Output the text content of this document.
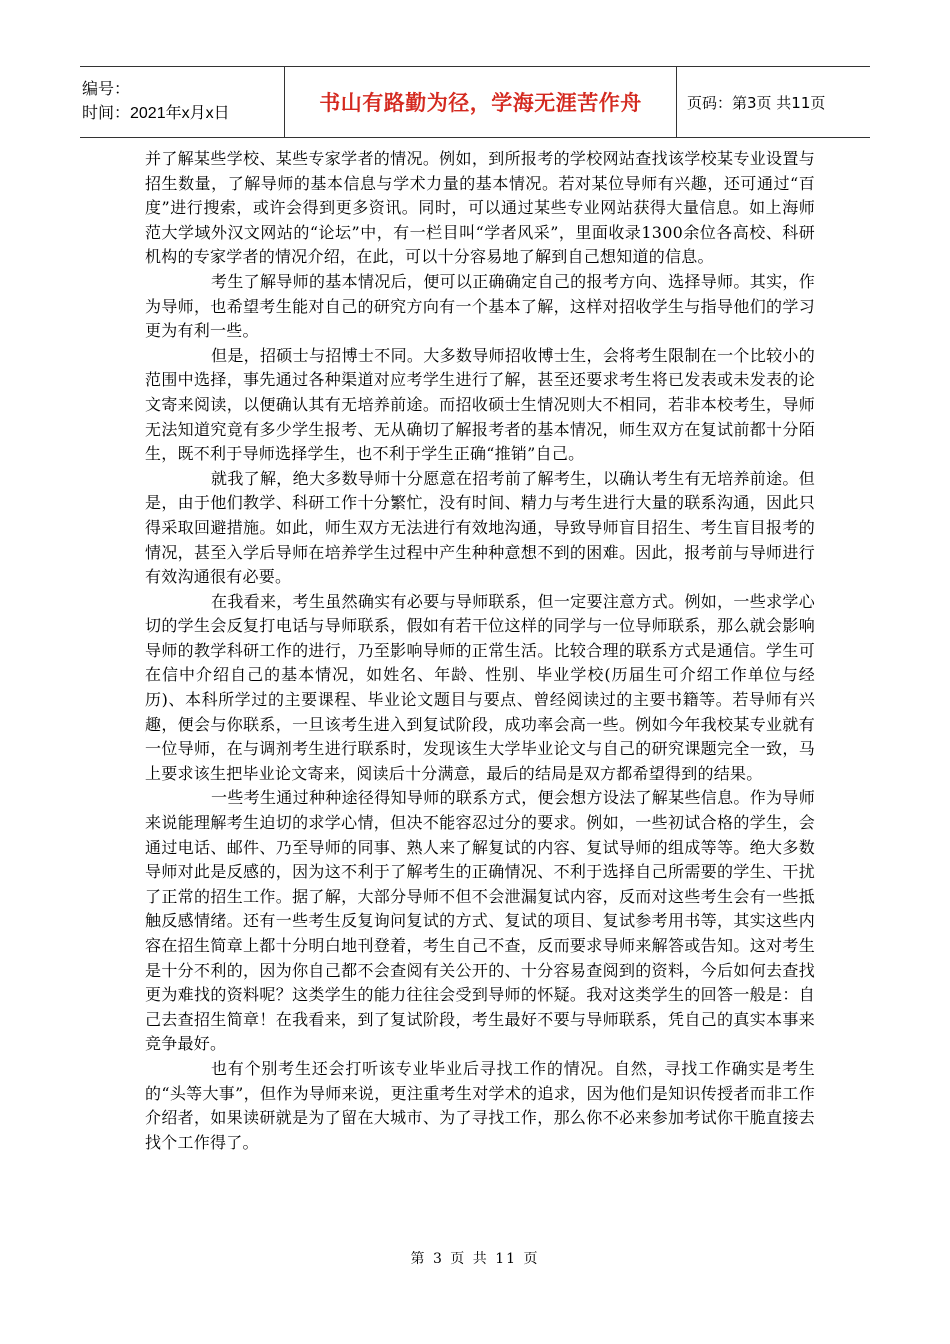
编号：
时间：2021年x月x日	书山有路勤为径，学海无涯苦作舟	页码：第3页 共11页

并了解某些学校、某些专家学者的情况。例如，到所报考的学校网站查找该学校某专业设置与招生数量，了解导师的基本信息与学术力量的基本情况。若对某位导师有兴趣，还可通过“百度”进行搜索，或许会得到更多资讯。同时，可以通过某些专业网站获得大量信息。如上海师范大学域外汉文网站的“论坛”中，有一栏目叫“学者风采”，里面收录1300余位各高校、科研机构的专家学者的情况介绍，在此，可以十分容易地了解到自己想知道的信息。

考生了解导师的基本情况后，便可以正确确定自己的报考方向、选择导师。其实，作为导师，也希望考生能对自己的研究方向有一个基本了解，这样对招收学生与指导他们的学习更为有利一些。

但是，招硕士与招博士不同。大多数导师招收博士生，会将考生限制在一个比较小的范围中选择，事先通过各种渠道对应考学生进行了解，甚至还要求考生将已发表或未发表的论文寄来阅读，以便确认其有无培养前途。而招收硕士生情况则大不相同，若非本校考生，导师无法知道究竟有多少学生报考、无从确切了解报考者的基本情况，师生双方在复试前都十分陌生，既不利于导师选择学生，也不利于学生正确“推销”自己。

就我了解，绝大多数导师十分愿意在招考前了解考生，以确认考生有无培养前途。但是，由于他们教学、科研工作十分繁忙，没有时间、精力与考生进行大量的联系沟通，因此只得采取回避措施。如此，师生双方无法进行有效地沟通，导致导师盲目招生、考生盲目报考的情况，甚至入学后导师在培养学生过程中产生种种意想不到的困难。因此，报考前与导师进行有效沟通很有必要。

在我看来，考生虽然确实有必要与导师联系，但一定要注意方式。例如，一些求学心切的学生会反复打电话与导师联系，假如有若干位这样的同学与一位导师联系，那么就会影响导师的教学科研工作的进行，乃至影响导师的正常生活。比较合理的联系方式是通信。学生可在信中介绍自己的基本情况，如姓名、年龄、性别、毕业学校(历届生可介绍工作单位与经历)、本科所学过的主要课程、毕业论文题目与要点、曾经阅读过的主要书籍等。若导师有兴趣，便会与你联系，一旦该考生进入到复试阶段，成功率会高一些。例如今年我校某专业就有一位导师，在与调剂考生进行联系时，发现该生大学毕业论文与自己的研究课题完全一致，马上要求该生把毕业论文寄来，阅读后十分满意，最后的结局是双方都希望得到的结果。

一些考生通过种种途径得知导师的联系方式，便会想方设法了解某些信息。作为导师来说能理解考生迫切的求学心情，但决不能容忍过分的要求。例如，一些初试合格的学生，会通过电话、邮件、乃至导师的同事、熟人来了解复试的内容、复试导师的组成等等。绝大多数导师对此是反感的，因为这不利于了解考生的正确情况、不利于选择自己所需要的学生、干扰了正常的招生工作。据了解，大部分导师不但不会泄漏复试内容，反而对这些考生会有一些抵触反感情绪。还有一些考生反复询问复试的方式、复试的项目、复试参考用书等，其实这些内容在招生简章上都十分明白地刊登着，考生自己不查，反而要求导师来解答或告知。这对考生是十分不利的，因为你自己都不会查阅有关公开的、十分容易查阅到的资料，今后如何去查找更为难找的资料呢？这类学生的能力往往会受到导师的怀疑。我对这类学生的回答一般是：自己去查招生简章！在我看来，到了复试阶段，考生最好不要与导师联系，凭自己的真实本事来竞争最好。

也有个别考生还会打听该专业毕业后寻找工作的情况。自然，寻找工作确实是考生的“头等大事”，但作为导师来说，更注重考生对学术的追求，因为他们是知识传授者而非工作介绍者，如果读研就是为了留在大城市、为了寻找工作，那么你不必来参加考试你干脆直接去找个工作得了。

第 3 页 共 11 页
